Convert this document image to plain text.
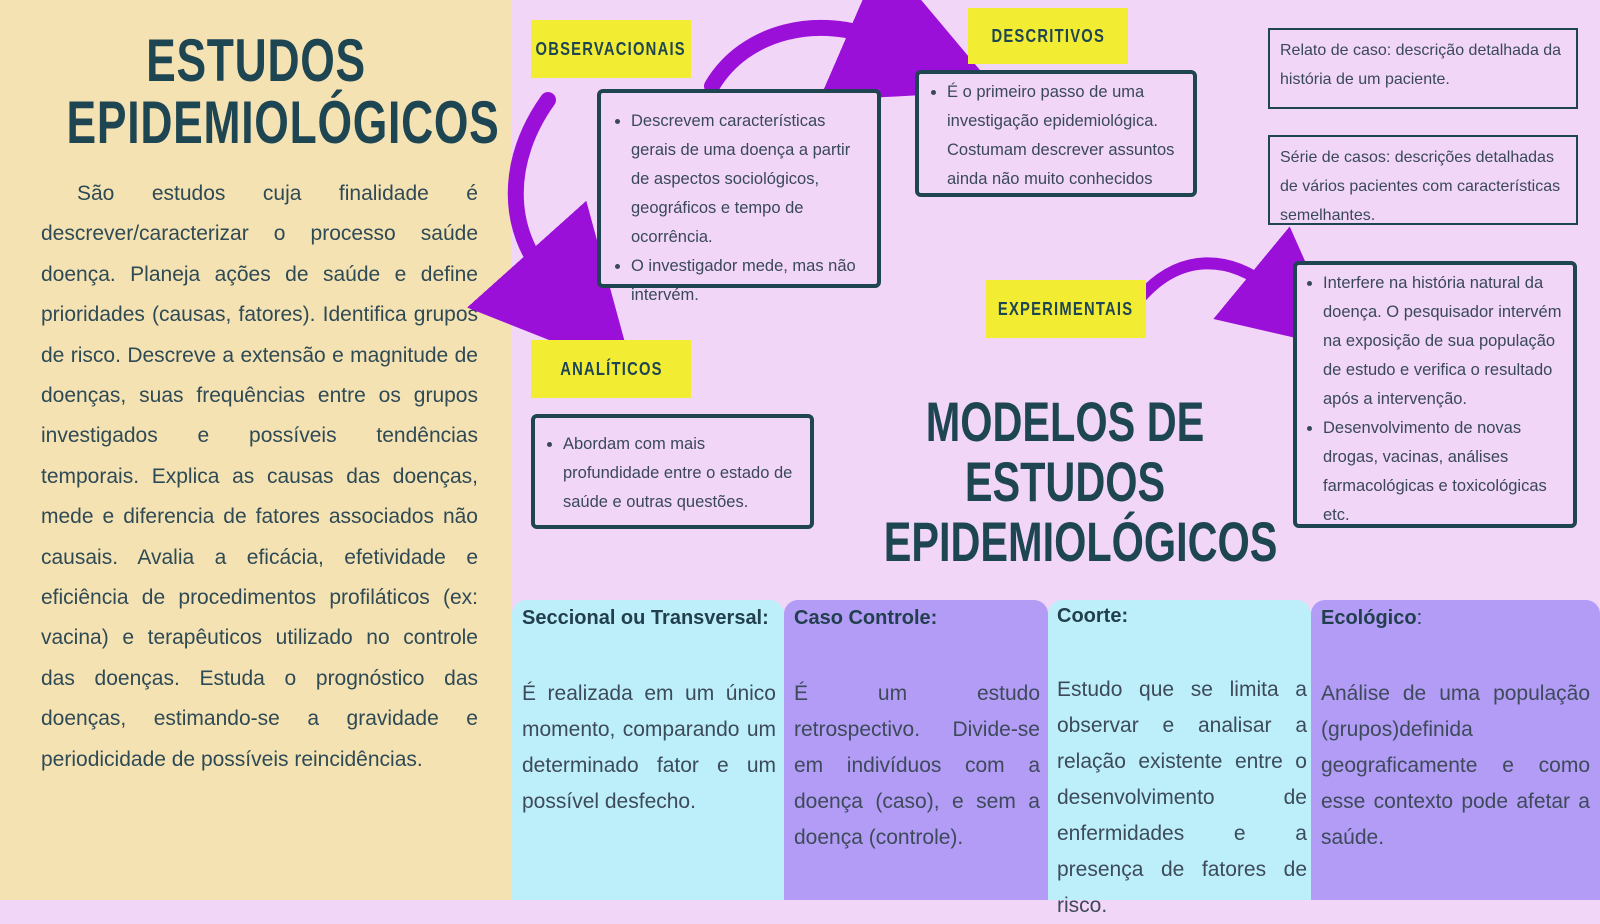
ESTUDOS
EPIDEMIOLÓGICOS

São estudos cuja finalidade é descrever/caracterizar o processo saúde doença. Planeja ações de saúde e define prioridades (causas, fatores). Identifica grupos de risco. Descreve a extensão e magnitude de doenças, suas frequências entre os grupos investigados e possíveis tendências temporais. Explica as causas das doenças, mede e diferencia de fatores associados não causais. Avalia a eficácia, efetividade e eficiência de procedimentos profiláticos (ex: vacina) e terapêuticos utilizado no controle das doenças. Estuda o prognóstico das doenças, estimando-se a gravidade e periodicidade de possíveis reincidências.

OBSERVACIONAIS
DESCRITIVOS
ANALÍTICOS
EXPERIMENTAIS
• Descrevem características gerais de uma doença a partir de aspectos sociológicos, geográficos e tempo de ocorrência.
• O investigador mede, mas não intervém.
• É o primeiro passo de uma investigação epidemiológica. Costumam descrever assuntos ainda não muito conhecidos
• Abordam com mais profundidade entre o estado de saúde e outras questões.
• Interfere na história natural da doença. O pesquisador intervém na exposição de sua população de estudo e verifica o resultado após a intervenção.
• Desenvolvimento de novas drogas, vacinas, análises farmacológicas e toxicológicas etc.
Relato de caso: descrição detalhada da história de um paciente.
Série de casos: descrições detalhadas de vários pacientes com características semelhantes.
MODELOS DE ESTUDOS
EPIDEMIOLÓGICOS
Seccional ou Transversal:

É realizada em um único momento, comparando um determinado fator e um possível desfecho.

Caso Controle:

É um estudo retrospectivo. Divide-se em indivíduos com a doença (caso), e sem a doença (controle).

Coorte:

Estudo que se limita a observar e analisar a relação existente entre o desenvolvimento de enfermidades e a presença de fatores de risco.

Ecológico:

Análise de uma população (grupos)definida geograficamente e como esse contexto pode afetar a saúde.
